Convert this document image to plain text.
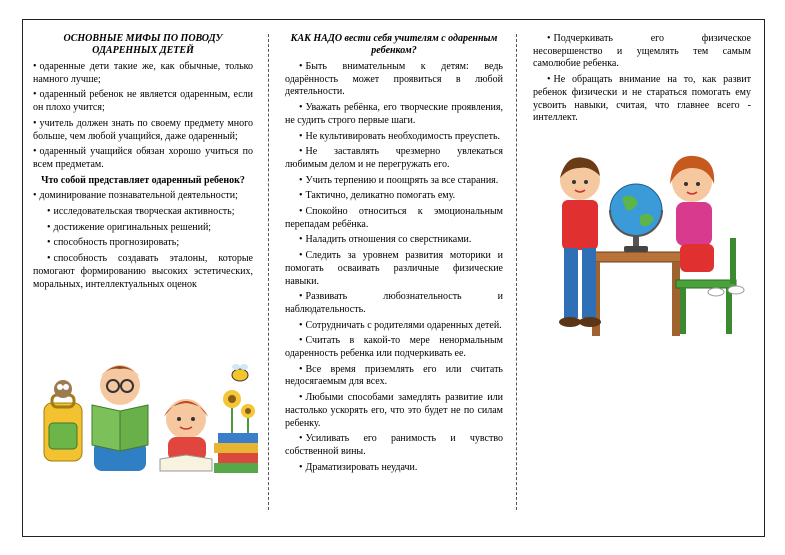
ОСНОВНЫЕ МИФЫ ПО ПОВОДУ ОДАРЕННЫХ ДЕТЕЙ

• одаренные дети такие же, как обычные, только намного лучше;

• одаренный ребенок не является одаренным, если он плохо учится;

• учитель должен знать по своему предмету много больше, чем любой учащийся, даже одаренный;

• одаренный учащийся обязан хорошо учиться по всем предметам.

Что собой представляет одаренный ребенок?

• доминирование познавательной деятельности;

• исследовательская творческая активность;

• достижение оригинальных решений;

• способность прогнозировать;

• способность создавать эталоны, которые помогают формированию высоких эстетических, моральных, интеллектуальных оценок

КАК НАДО вести себя учителям с одаренным ребенком?

• Быть внимательным к детям: ведь одарённость может проявиться в любой деятельности.

• Уважать ребёнка, его творческие проявления, не судить строго первые шаги.

• Не культивировать необходимость преуспеть.

• Не заставлять чрезмерно увлекаться любимым делом и не перегружать его.

• Учить терпению и поощрять за все старания.

• Тактично, деликатно помогать ему.

• Спокойно относиться к эмоциональным перепадам ребёнка.

• Наладить отношения со сверстниками.

• Следить за уровнем развития моторики и помогать осваивать различные физические навыки.

• Развивать любознательность и наблюдательность.

• Сотрудничать с родителями одаренных детей.

• Считать в какой-то мере ненормальным одаренность ребенка или подчеркивать ее.

• Все время приземлять его или считать недосягаемым для всех.

• Любыми способами замедлять развитие или настолько ускорять его, что это будет не по силам ребенку.

• Усиливать его ранимость и чувство собственной вины.

• Драматизировать неудачи.

• Подчеркивать его физическое несовершенство и ущемлять тем самым самолюбие ребенка.

• Не обращать внимание на то, как развит ребенок физически и не стараться помогать ему усвоить навыки, считая, что главнее всего - интеллект.
